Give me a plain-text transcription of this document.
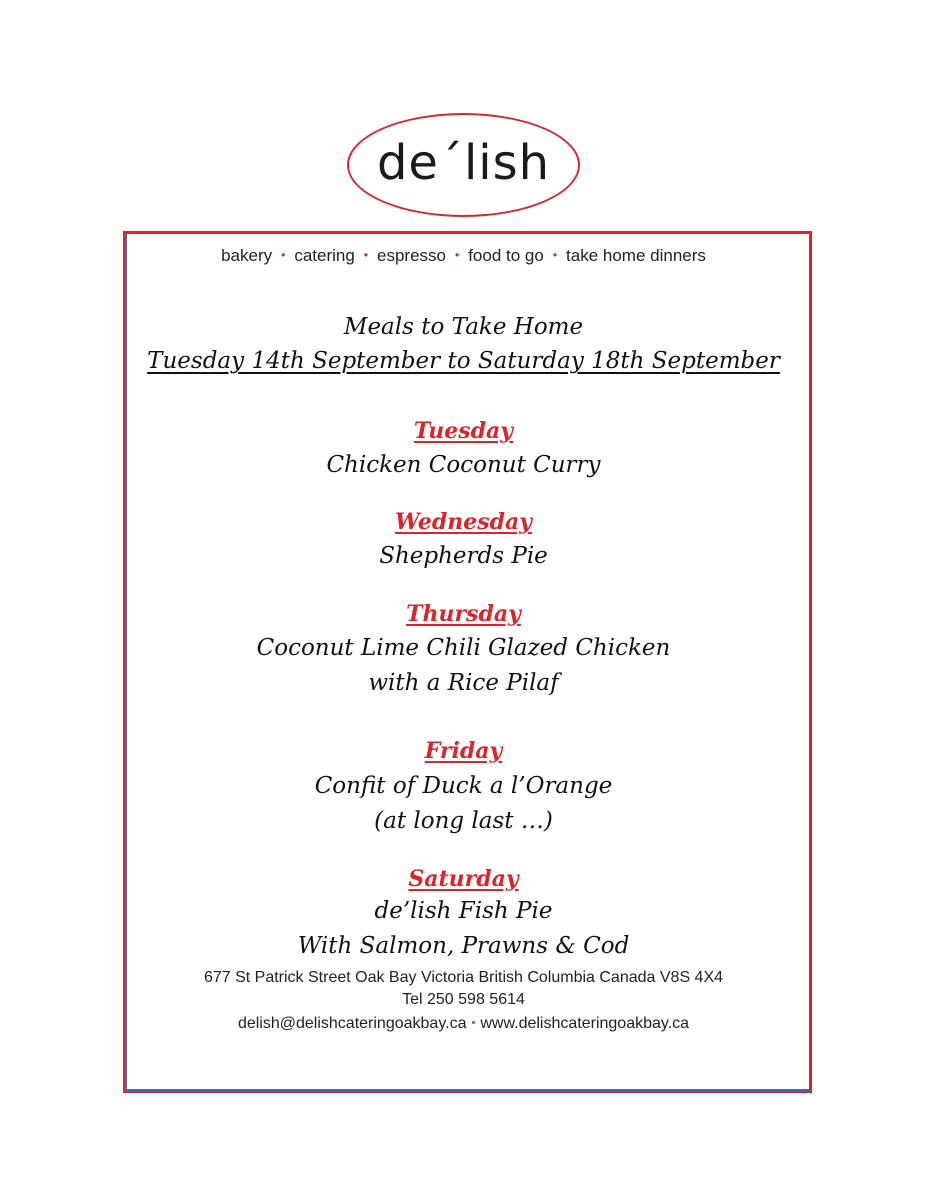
de´lish
bakery • catering • espresso • food to go • take home dinners
Meals to Take Home
Tuesday 14th September to Saturday 18th September
Tuesday
Chicken Coconut Curry
Wednesday
Shepherds Pie
Thursday
Coconut Lime Chili Glazed Chicken
with a Rice Pilaf
Friday
Confit of Duck a l’Orange
(at long last …)
Saturday
de’lish Fish Pie
With Salmon, Prawns & Cod
677 St Patrick Street Oak Bay Victoria British Columbia Canada V8S 4X4
Tel 250 598 5614
delish@delishcateringoakbay.ca • www.delishcateringoakbay.ca
